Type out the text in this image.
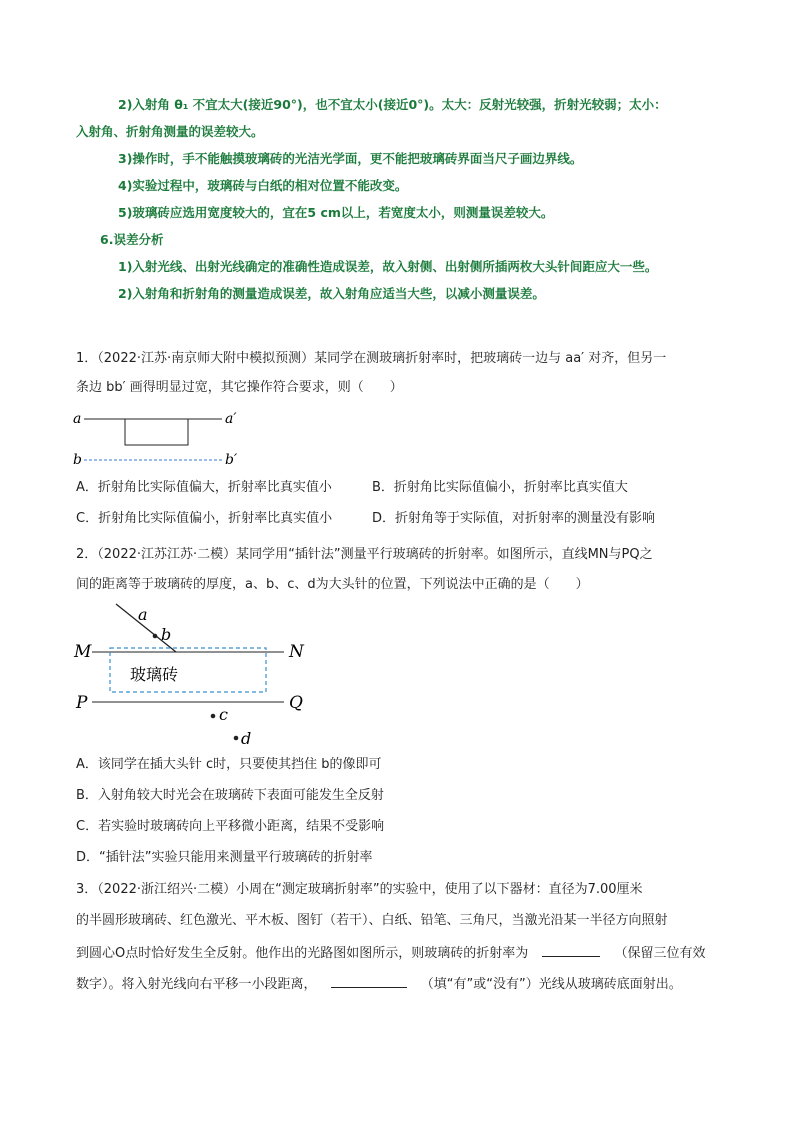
2)入射角 θ₁ 不宜太大(接近90°)，也不宜太小(接近0°)。太大：反射光较强，折射光较弱；太小：
入射角、折射角测量的误差较大。
3)操作时，手不能触摸玻璃砖的光洁光学面，更不能把玻璃砖界面当尺子画边界线。
4)实验过程中，玻璃砖与白纸的相对位置不能改变。
5)玻璃砖应选用宽度较大的，宜在5 cm以上，若宽度太小，则测量误差较大。
6.误差分析
1)入射光线、出射光线确定的准确性造成误差，故入射侧、出射侧所插两枚大头针间距应大一些。
2)入射角和折射角的测量造成误差，故入射角应适当大些，以减小测量误差。
1．（2022·江苏·南京师大附中模拟预测）某同学在测玻璃折射率时，把玻璃砖一边与 aa′ 对齐，但另一
条边 bb′ 画得明显过宽，其它操作符合要求，则（　　）
a	a′
b	b′
A．折射角比实际值偏大，折射率比真实值小	B．折射角比实际值偏小，折射率比真实值大
C．折射角比实际值偏小，折射率比真实值小	D．折射角等于实际值，对折射率的测量没有影响
2．（2022·江苏江苏·二模）某同学用“插针法”测量平行玻璃砖的折射率。如图所示，直线MN与PQ之
间的距离等于玻璃砖的厚度，a、b、c、d为大头针的位置，下列说法中正确的是（　　）
a
b
M	N
玻璃砖
P	Q
c
d
A．该同学在插大头针 c时，只要使其挡住 b的像即可
B．入射角较大时光会在玻璃砖下表面可能发生全反射
C．若实验时玻璃砖向上平移微小距离，结果不受影响
D．“插针法”实验只能用来测量平行玻璃砖的折射率
3．（2022·浙江绍兴·二模）小周在“测定玻璃折射率”的实验中，使用了以下器材：直径为7.00厘米
的半圆形玻璃砖、红色激光、平木板、图钉（若干）、白纸、铅笔、三角尺，当激光沿某一半径方向照射
到圆心O点时恰好发生全反射。他作出的光路图如图所示，则玻璃砖的折射率为	（保留三位有效
数字）。将入射光线向右平移一小段距离，	（填“有”或“没有”）光线从玻璃砖底面射出。
